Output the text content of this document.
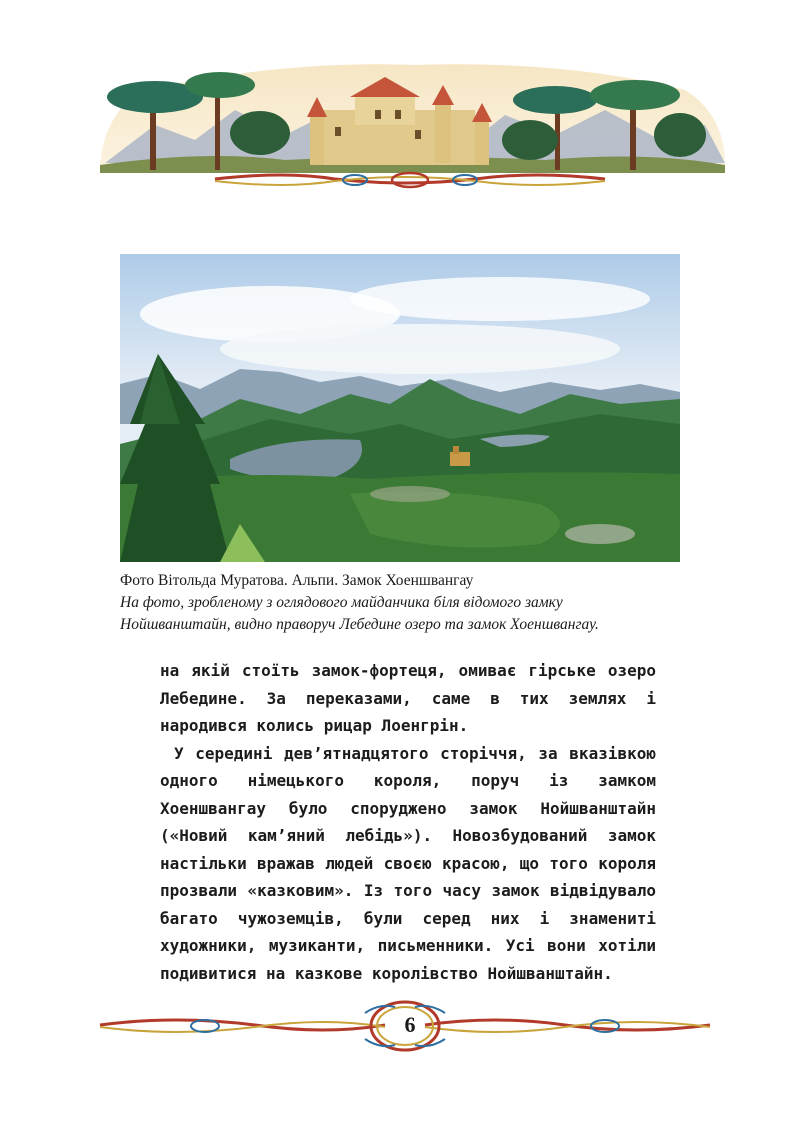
Фото Вітольда Муратова. Альпи. Замок Хоеншвангау
На фото, зробленому з оглядового майданчика біля відомого замку
Нойшванштайн, видно праворуч Лебедине озеро та замок Хоеншвангау.

на якій стоїть замок-фортеця, омиває гірське озеро Лебедине. За переказами, саме в тих землях і народився колись рицар Лоенгрін.

У середині дев’ятнадцятого сторіччя, за вказівкою одного німецького короля, поруч із замком Хоеншвангау було споруджено замок Нойшванштайн («Новий кам’яний лебідь»). Новозбудований замок настільки вражав людей своєю красою, що того короля прозвали «казковим». Із того часу замок відвідувало багато чужоземців, були серед них і знамениті художники, музиканти, письменники. Усі вони хотіли подивитися на казкове королівство Нойшванштайн.

6
